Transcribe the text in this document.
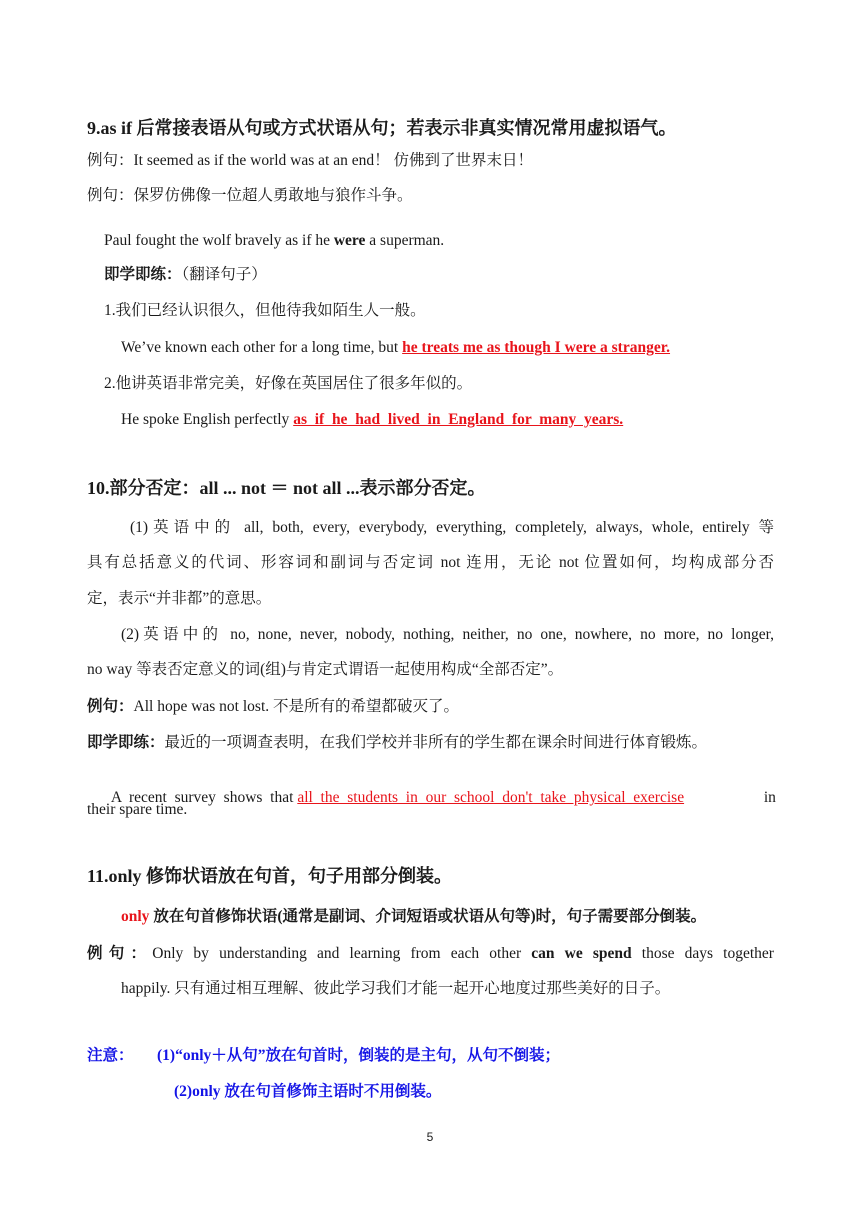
9.as if 后常接表语从句或方式状语从句；若表示非真实情况常用虚拟语气。
例句：It seemed as if the world was at an end！ 仿佛到了世界末日！
例句：保罗仿佛像一位超人勇敢地与狼作斗争。
Paul fought the wolf bravely as if he were a superman.
即学即练：（翻译句子）
1.我们已经认识很久，但他待我如陌生人一般。
We’ve known each other for a long time, but he treats me as though I were a stranger.
2.他讲英语非常完美，好像在英国居住了很多年似的。
He spoke English perfectly as  if  he  had  lived  in  England  for  many  years.
10.部分否定：all ... not ＝ not all ...表示部分否定。
(1)英语中的 all, both, every, everybody, everything, completely, always, whole, entirely 等
具有总括意义的代词、形容词和副词与否定词 not 连用，无论 not 位置如何，均构成部分否
定，表示“并非都”的意思。
(2)英语中的 no, none, never, nobody, nothing, neither, no one, nowhere, no more, no longer,
no way 等表否定意义的词(组)与肯定式谓语一起使用构成“全部否定”。
例句：All hope was not lost. 不是所有的希望都破灭了。
即学即练：最近的一项调查表明，在我们学校并非所有的学生都在课余时间进行体育锻炼。

A  recent  survey  shows  that all  the  students  in  our  school  don't  take  physical  exercise	in

their spare time.
11.only 修饰状语放在句首，句子用部分倒装。
only 放在句首修饰状语(通常是副词、介词短语或状语从句等)时，句子需要部分倒装。
例句：Only by understanding and learning from each other can we spend those days together
happily. 只有通过相互理解、彼此学习我们才能一起开心地度过那些美好的日子。
注意： (1)“only＋从句”放在句首时，倒装的是主句，从句不倒装；
(2)only 放在句首修饰主语时不用倒装。
5
